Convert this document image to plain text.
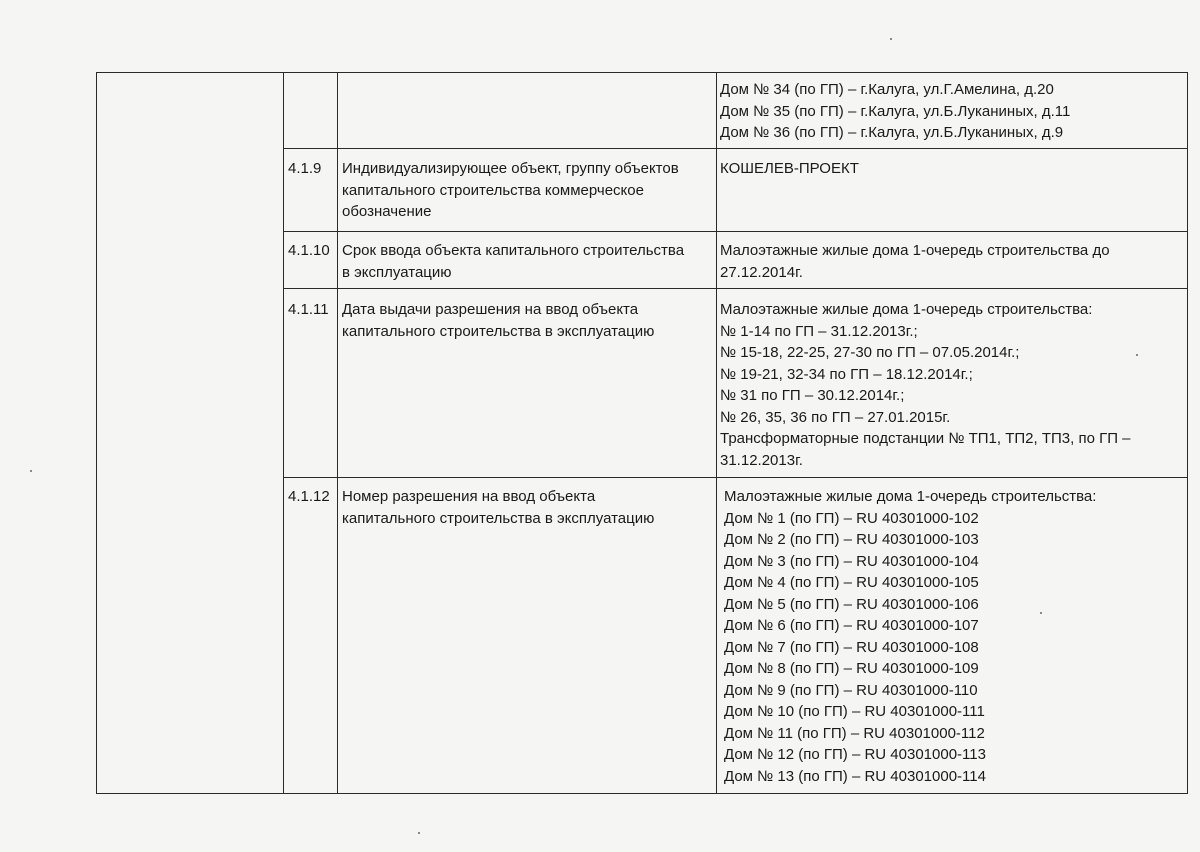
Дом № 34 (по ГП) – г.Калуга, ул.Г.Амелина, д.20
Дом № 35 (по ГП) – г.Калуга, ул.Б.Луканиных, д.11
Дом № 36 (по ГП) – г.Калуга, ул.Б.Луканиных, д.9
4.1.9 Индивидуализирующее объект, группу объектов
капитального строительства коммерческое
обозначение
КОШЕЛЕВ-ПРОЕКТ
4.1.10 Срок ввода объекта капитального строительства
в эксплуатацию
Малоэтажные жилые дома 1-очередь строительства до
27.12.2014г.
4.1.11 Дата выдачи разрешения на ввод объекта
капитального строительства в эксплуатацию
Малоэтажные жилые дома 1-очередь строительства:
№ 1-14 по ГП – 31.12.2013г.;
№ 15-18, 22-25, 27-30 по ГП – 07.05.2014г.;
№ 19-21, 32-34 по ГП – 18.12.2014г.;
№ 31 по ГП – 30.12.2014г.;
№ 26, 35, 36 по ГП – 27.01.2015г.
Трансформаторные подстанции № ТП1, ТП2, ТП3, по ГП –
31.12.2013г.
4.1.12 Номер разрешения на ввод объекта
капитального строительства в эксплуатацию
Малоэтажные жилые дома 1-очередь строительства:
Дом № 1 (по ГП) – RU 40301000-102
Дом № 2 (по ГП) – RU 40301000-103
Дом № 3 (по ГП) – RU 40301000-104
Дом № 4 (по ГП) – RU 40301000-105
Дом № 5 (по ГП) – RU 40301000-106
Дом № 6 (по ГП) – RU 40301000-107
Дом № 7 (по ГП) – RU 40301000-108
Дом № 8 (по ГП) – RU 40301000-109
Дом № 9 (по ГП) – RU 40301000-110
Дом № 10 (по ГП) – RU 40301000-111
Дом № 11 (по ГП) – RU 40301000-112
Дом № 12 (по ГП) – RU 40301000-113
Дом № 13 (по ГП) – RU 40301000-114
